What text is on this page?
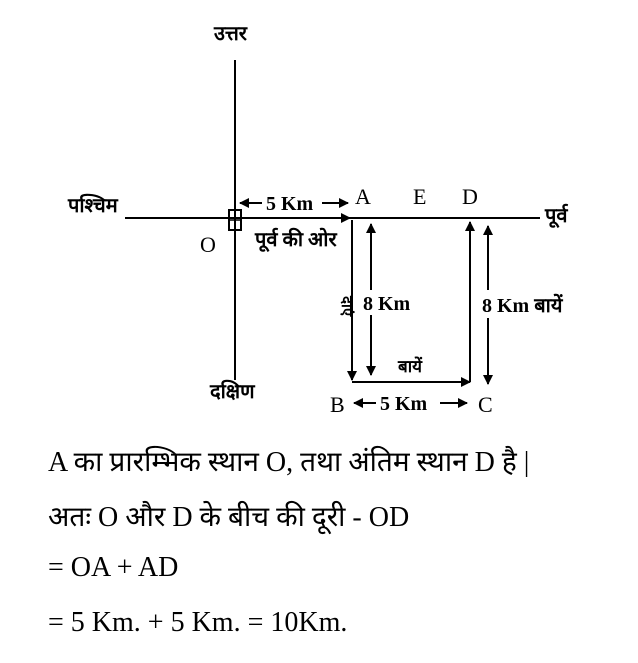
उत्तर
दक्षिण
पश्चिम	पूर्व
O
A E D
B	C
5 Km
पूर्व की ओर
दाएं 8 Km
बायें
5 Km
8 Km बायें
A का प्रारम्भिक स्थान O, तथा अंतिम स्थान D है |
अतः O और D के बीच की दूरी - OD
= OA + AD
= 5 Km. + 5 Km. = 10Km.
